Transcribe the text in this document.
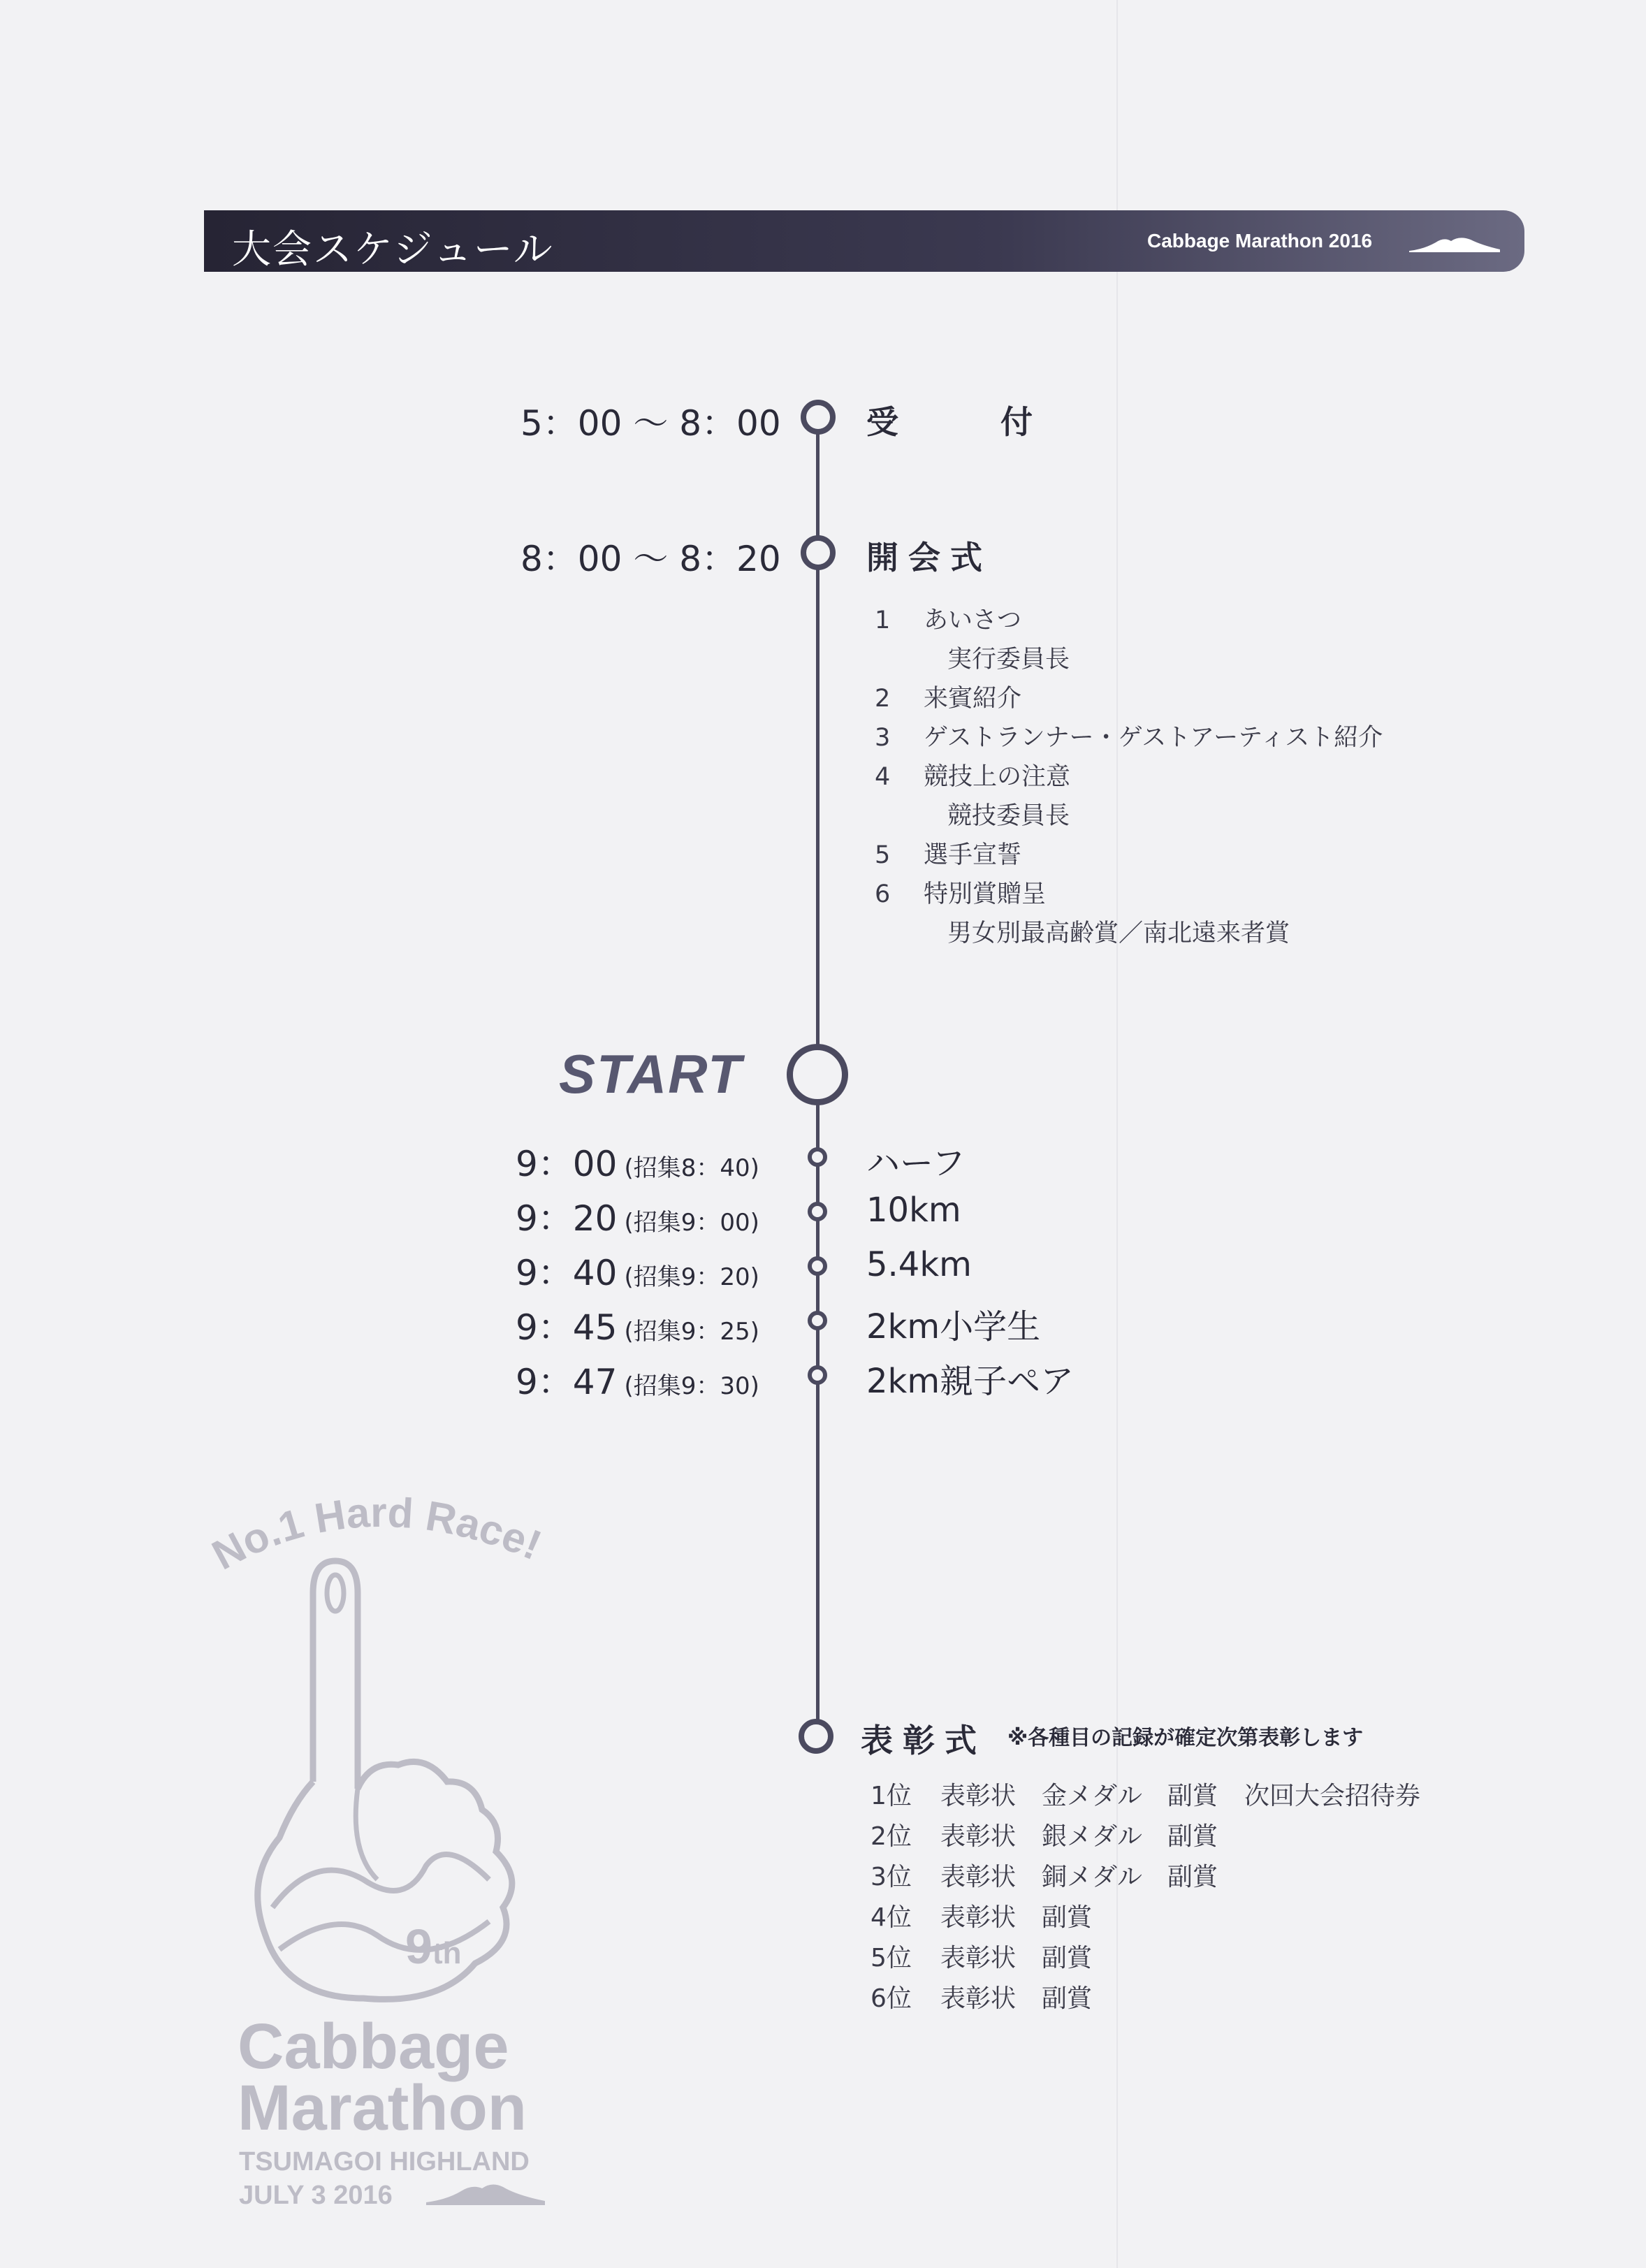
大会スケジュール	Cabbage Marathon 2016
5：00 ～ 8：00	受　付
8：00 ～ 8：20	開会式
1 あいさつ
実行委員長
2 来賓紹介
3 ゲストランナー・ゲストアーティスト紹介
4 競技上の注意
競技委員長
5 選手宣誓
6 特別賞贈呈
男女別最高齢賞／南北遠来者賞
START
9：00 (招集8：40)	ハーフ
9：20 (招集9：00)	10km
9：40 (招集9：20)	5.4km
9：45 (招集9：25)	2km小学生
9：47 (招集9：30)	2km親子ペア
表彰式 ※各種目の記録が確定次第表彰します
1位 表彰状 金メダル 副賞 次回大会招待券
2位 表彰状 銀メダル 副賞
3位 表彰状 銅メダル 副賞
4位 表彰状 副賞
5位 表彰状 副賞
6位 表彰状 副賞
No.1 Hard Race!
9th
Cabbage
Marathon
TSUMAGOI HIGHLAND
JULY 3 2016
